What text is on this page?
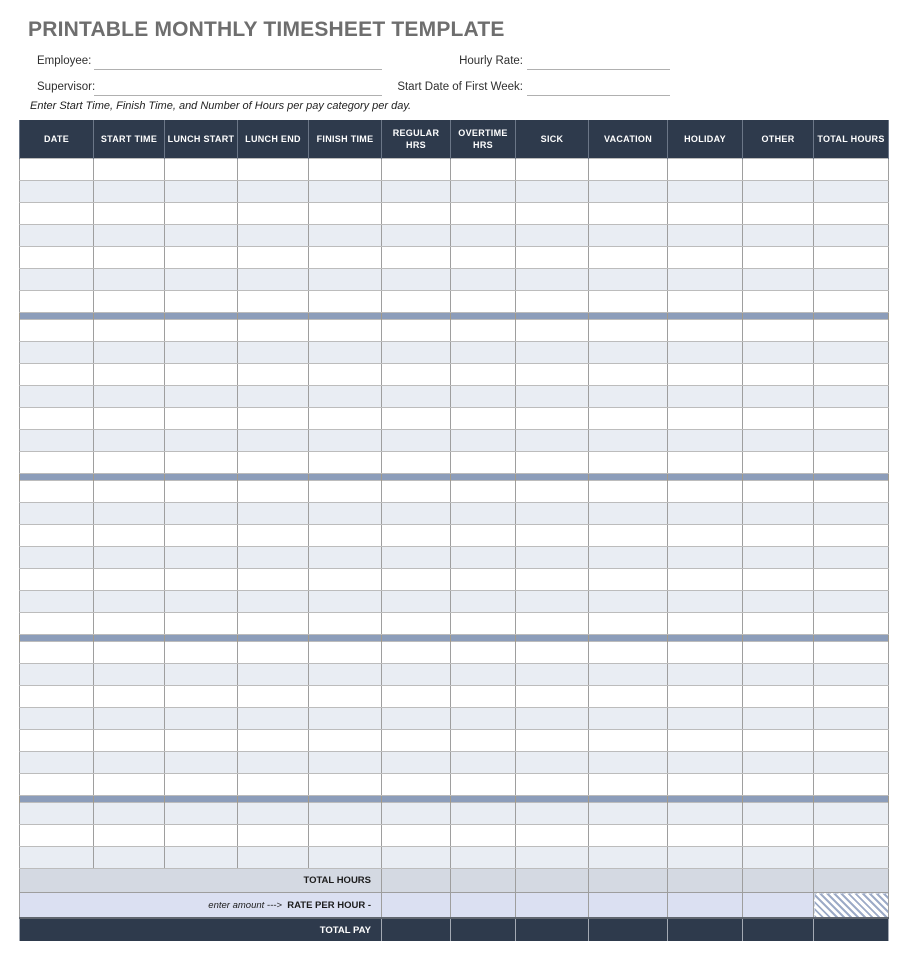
PRINTABLE MONTHLY TIMESHEET TEMPLATE
Employee:	Hourly Rate:
Supervisor:	Start Date of First Week:
Enter Start Time, Finish Time, and Number of Hours per pay category per day.
DATE	START TIME	LUNCH START	LUNCH END	FINISH TIME	REGULAR HRS	OVERTIME HRS	SICK	VACATION	HOLIDAY	OTHER	TOTAL HOURS

TOTAL HOURS											
enter amount ---> RATE PER HOUR -											
TOTAL PAY											
